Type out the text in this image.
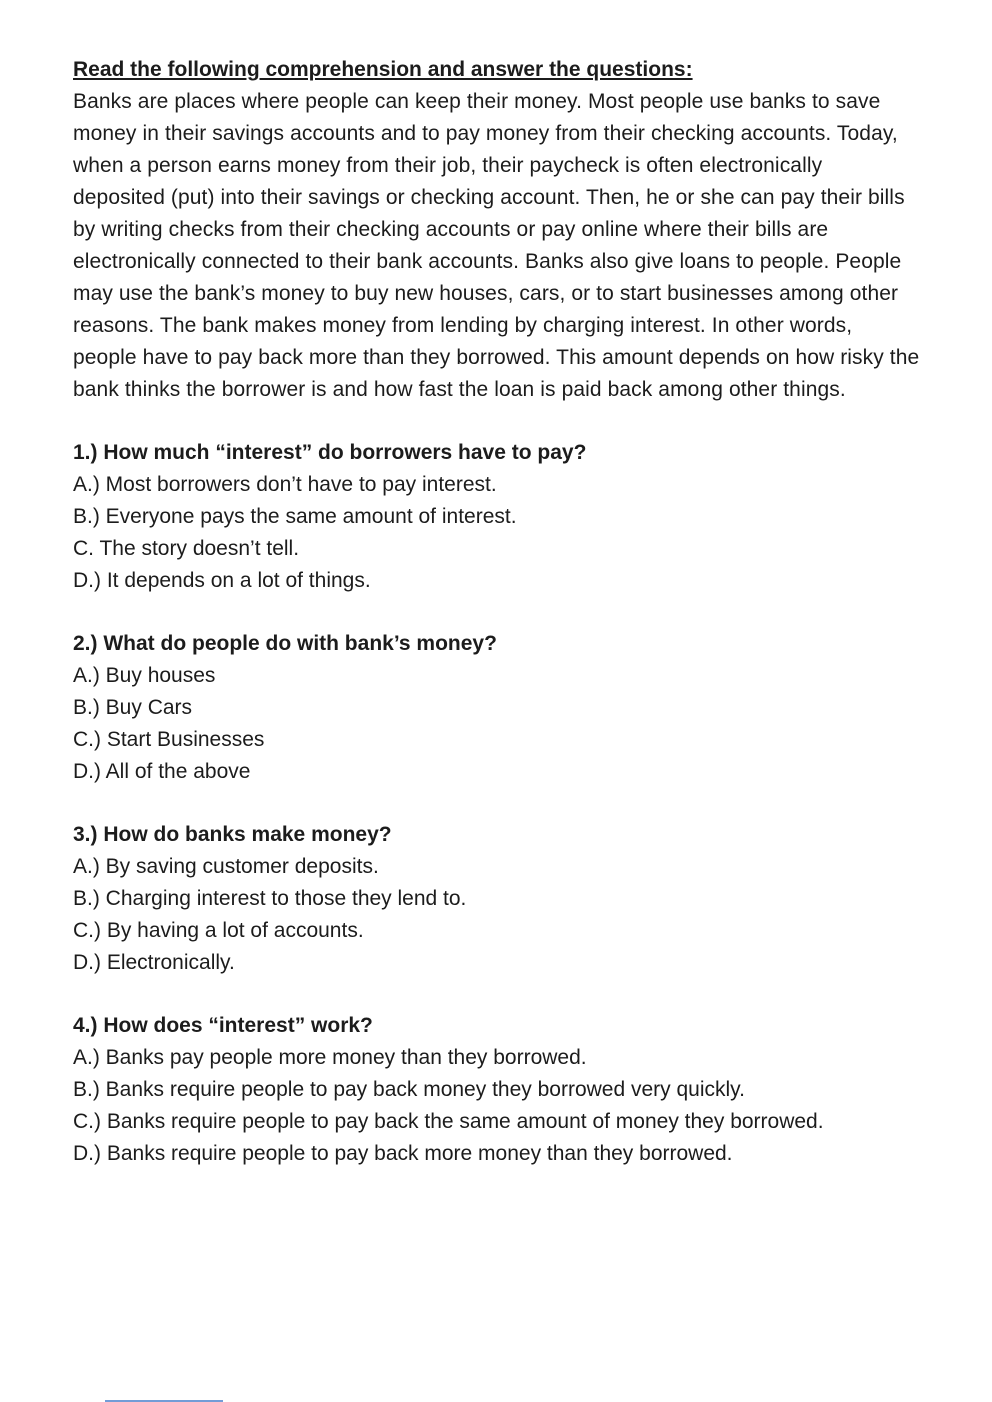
Read the following comprehension and answer the questions:
Banks are places where people can keep their money. Most people use banks to save money in their savings accounts and to pay money from their checking accounts. Today, when a person earns money from their job, their paycheck is often electronically deposited (put) into their savings or checking account. Then, he or she can pay their bills by writing checks from their checking accounts or pay online where their bills are electronically connected to their bank accounts. Banks also give loans to people. People may use the bank’s money to buy new houses, cars, or to start businesses among other reasons. The bank makes money from lending by charging interest. In other words, people have to pay back more than they borrowed. This amount depends on how risky the bank thinks the borrower is and how fast the loan is paid back among other things.
1.) How much “interest” do borrowers have to pay?
A.) Most borrowers don’t have to pay interest.
B.) Everyone pays the same amount of interest.
C. The story doesn’t tell.
D.) It depends on a lot of things.
2.) What do people do with bank’s money?
A.) Buy houses
B.) Buy Cars
C.) Start Businesses
D.) All of the above
3.) How do banks make money?
A.) By saving customer deposits.
B.) Charging interest to those they lend to.
C.) By having a lot of accounts.
D.) Electronically.
4.) How does “interest” work?
A.) Banks pay people more money than they borrowed.
B.) Banks require people to pay back money they borrowed very quickly.
C.) Banks require people to pay back the same amount of money they borrowed.
D.) Banks require people to pay back more money than they borrowed.
